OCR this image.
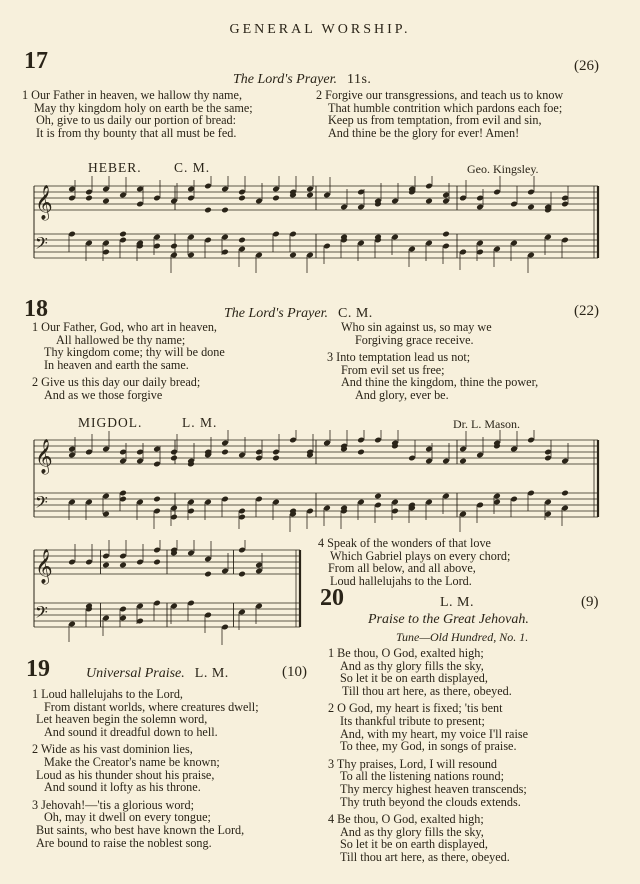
GENERAL WORSHIP.
17	(26)
The Lord's Prayer. 11s.
1 Our Father in heaven, we hallow thy name,
May thy kingdom holy on earth be the same;
Oh, give to us daily our portion of bread:
It is from thy bounty that all must be fed.
2 Forgive our transgressions, and teach us to know
That humble contrition which pardons each foe;
Keep us from temptation, from evil and sin,
And thine be the glory for ever! Amen!
HEBER. C. M.	Geo. Kingsley.
𝄞
𝄢
18	(22)
The Lord's Prayer. C. M.
1 Our Father, God, who art in heaven,
All hallowed be thy name;
Thy kingdom come; thy will be done
In heaven and earth the same.
2 Give us this day our daily bread;
And as we those forgive
Who sin against us, so may we
Forgiving grace receive.
3 Into temptation lead us not;
From evil set us free;
And thine the kingdom, thine the power,
And glory, ever be.
MIGDOL.	L. M.	Dr. L. Mason.
𝄞
𝄢
𝄞
𝄢
19	Universal Praise. L. M.	(10)
1 Loud hallelujahs to the Lord,
From distant worlds, where creatures dwell;
Let heaven begin the solemn word,
And sound it dreadful down to hell.
2 Wide as his vast dominion lies,
Make the Creator's name be known;
Loud as his thunder shout his praise,
And sound it lofty as his throne.
3 Jehovah!—'tis a glorious word;
Oh, may it dwell on every tongue;
But saints, who best have known the Lord,
Are bound to raise the noblest song.
4 Speak of the wonders of that love
Which Gabriel plays on every chord;
From all below, and all above,
Loud hallelujahs to the Lord.
20	L. M.	(9)
Praise to the Great Jehovah.
Tune—Old Hundred, No. 1.
1 Be thou, O God, exalted high;
And as thy glory fills the sky,
So let it be on earth displayed,
Till thou art here, as there, obeyed.
2 O God, my heart is fixed; 'tis bent
Its thankful tribute to present;
And, with my heart, my voice I'll raise
To thee, my God, in songs of praise.
3 Thy praises, Lord, I will resound
To all the listening nations round;
Thy mercy highest heaven transcends;
Thy truth beyond the clouds extends.
4 Be thou, O God, exalted high;
And as thy glory fills the sky,
So let it be on earth displayed,
Till thou art here, as there, obeyed.
